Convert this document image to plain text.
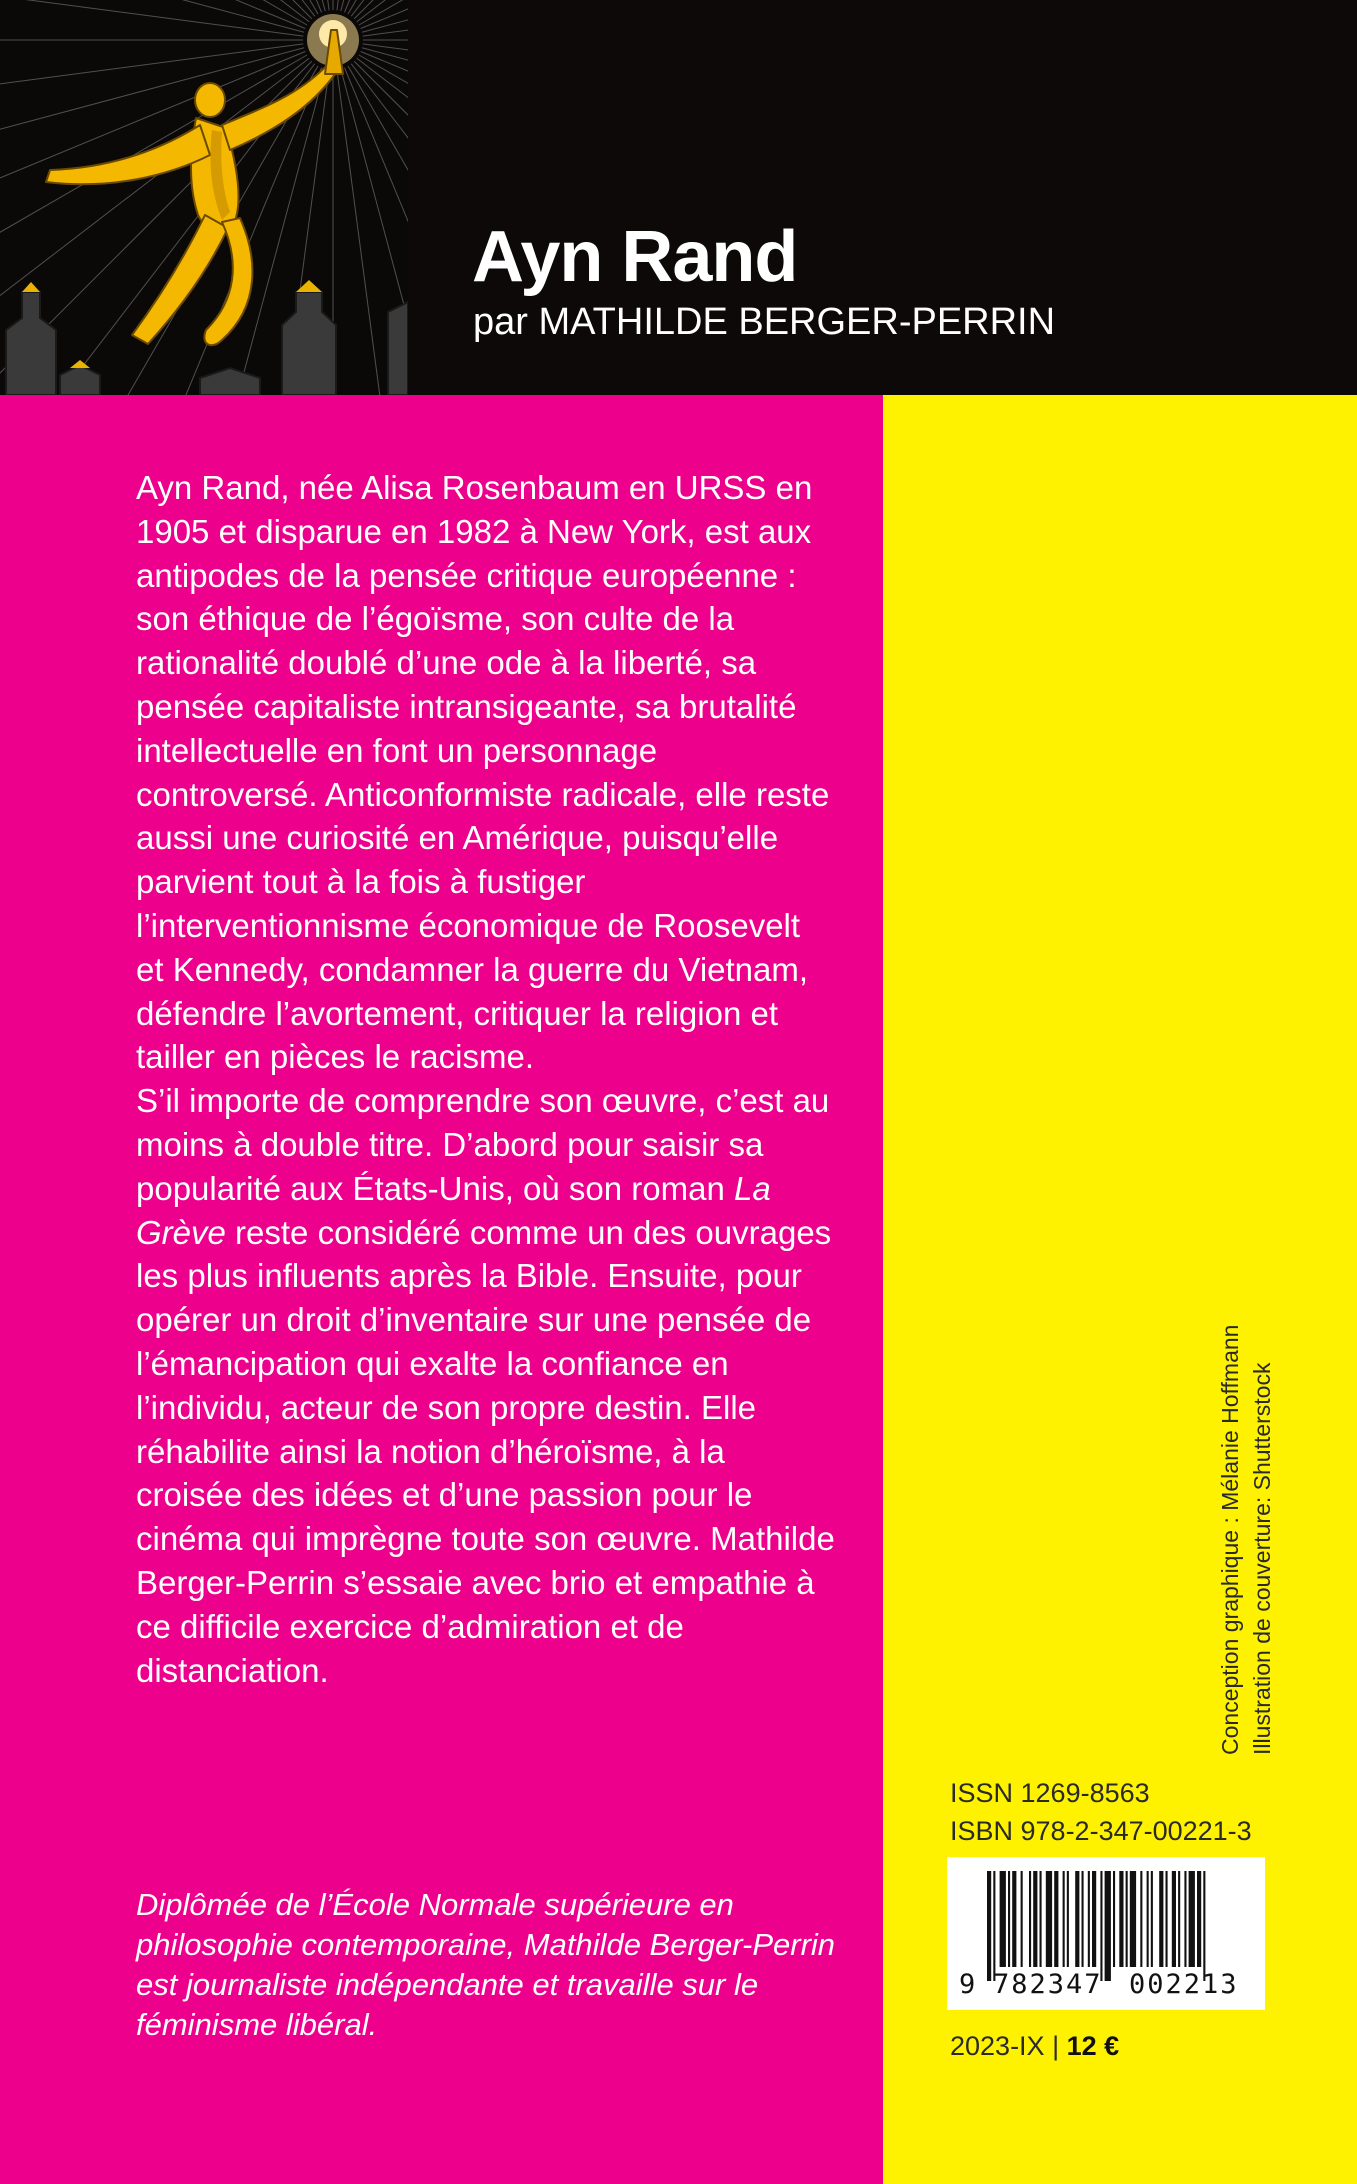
Ayn Rand

par MATHILDE BERGER-PERRIN

Ayn Rand, née Alisa Rosenbaum en URSS en 1905 et disparue en 1982 à New York, est aux antipodes de la pensée critique européenne : son éthique de l’égoïsme, son culte de la rationalité doublé d’une ode à la liberté, sa pensée capitaliste intransigeante, sa brutalité intellectuelle en font un personnage controversé. Anticonformiste radicale, elle reste aussi une curiosité en Amérique, puisqu’elle parvient tout à la fois à fustiger l’interventionnisme économique de Roosevelt et Kennedy, condamner la guerre du Vietnam, défendre l’avortement, critiquer la religion et tailler en pièces le racisme.

S’il importe de comprendre son œuvre, c’est au moins à double titre. D’abord pour saisir sa popularité aux États-Unis, où son roman La Grève reste considéré comme un des ouvrages les plus influents après la Bible. Ensuite, pour opérer un droit d’inventaire sur une pensée de l’émancipation qui exalte la confiance en l’individu, acteur de son propre destin. Elle réhabilite ainsi la notion d’héroïsme, à la croisée des idées et d’une passion pour le cinéma qui imprègne toute son œuvre. Mathilde Berger-Perrin s’essaie avec brio et empathie à ce difficile exercice d’admiration et de distanciation.

Diplômée de l’École Normale supérieure en philosophie contemporaine, Mathilde Berger-Perrin est journaliste indépendante et travaille sur le féminisme libéral.

Conception graphique : Mélanie Hoffmann Illustration de couverture: Shutterstock
ISSN 1269-8563
ISBN 978-2-347-00221-3
9 782347 002213
2023-IX | 12 €
